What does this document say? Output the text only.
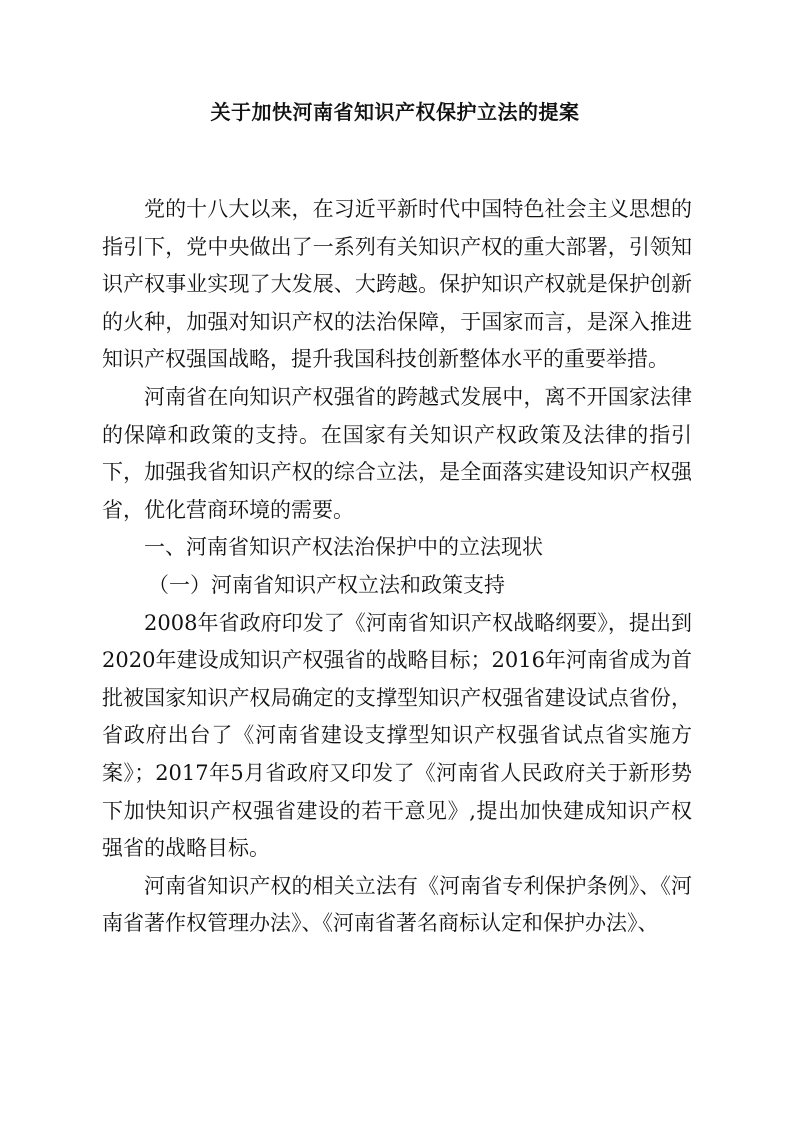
关于加快河南省知识产权保护立法的提案

党的十八大以来，在习近平新时代中国特色社会主义思想的指引下，党中央做出了一系列有关知识产权的重大部署，引领知识产权事业实现了大发展、大跨越。保护知识产权就是保护创新的火种，加强对知识产权的法治保障，于国家而言，是深入推进知识产权强国战略，提升我国科技创新整体水平的重要举措。

河南省在向知识产权强省的跨越式发展中，离不开国家法律的保障和政策的支持。在国家有关知识产权政策及法律的指引下，加强我省知识产权的综合立法，是全面落实建设知识产权强省，优化营商环境的需要。

一、河南省知识产权法治保护中的立法现状

（一）河南省知识产权立法和政策支持

2008年省政府印发了《河南省知识产权战略纲要》，提出到2020年建设成知识产权强省的战略目标；2016年河南省成为首批被国家知识产权局确定的支撑型知识产权强省建设试点省份，省政府出台了《河南省建设支撑型知识产权强省试点省实施方案》；2017年5月省政府又印发了《河南省人民政府关于新形势下加快知识产权强省建设的若干意见》,提出加快建成知识产权强省的战略目标。

河南省知识产权的相关立法有《河南省专利保护条例》、《河南省著作权管理办法》、《河南省著名商标认定和保护办法》、
